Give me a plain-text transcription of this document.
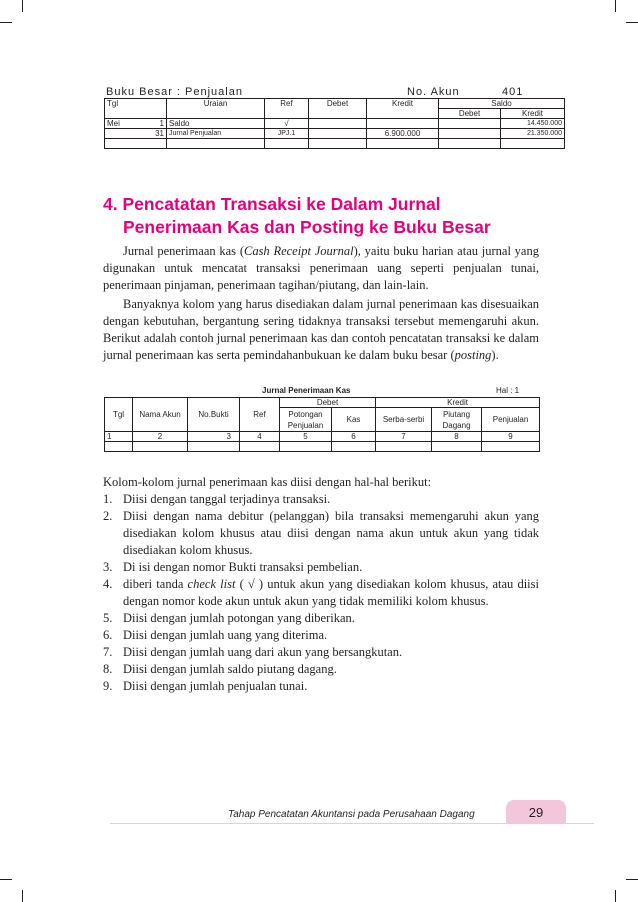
Buku Besar : Penjualan	No. Akun	401
Tgl		Uraian	Ref	Debet	Kredit	Saldo	
						Debet	Kredit
Mei	1	Saldo	√				14.450.000
	31	Jurnal Penjualan	JPJ.1		6.900.000		21.350.000

4. Pencatatan Transaksi ke Dalam Jurnal
Penerimaan Kas dan Posting ke Buku Besar

Jurnal penerimaan kas (Cash Receipt Journal), yaitu buku harian atau jurnal yang digunakan untuk mencatat transaksi penerimaan uang seperti penjualan tunai, penerimaan pinjaman, penerimaan tagihan/piutang, dan lain-lain.

Banyaknya kolom yang harus disediakan dalam jurnal penerimaan kas disesuaikan dengan kebutuhan, bergantung sering tidaknya transaksi tersebut memengaruhi akun. Berikut adalah contoh jurnal penerimaan kas dan contoh pencatatan transaksi ke dalam jurnal penerimaan kas serta pemindahanbukuan ke dalam buku besar (posting).

Jurnal Penerimaan Kas	Hal : 1
Tgl	Nama Akun	No.Bukti	Ref	Debet		Kredit		
				Potongan Penjualan	Kas	Serba-serbi	Piutang Dagang	Penjualan
1	2	3	4	5	6	7	8	9

Kolom-kolom jurnal penerimaan kas diisi dengan hal-hal berikut:

1. Diisi dengan tanggal terjadinya transaksi.
2. Diisi dengan nama debitur (pelanggan) bila transaksi memengaruhi akun yang disediakan kolom khusus atau diisi dengan nama akun untuk akun yang tidak disediakan kolom khusus.
3. Di isi dengan nomor Bukti transaksi pembelian.
4. diberi tanda check list ( √ ) untuk akun yang disediakan kolom khusus, atau diisi dengan nomor kode akun untuk akun yang tidak memiliki kolom khusus.
5. Diisi dengan jumlah potongan yang diberikan.
6. Diisi dengan jumlah uang yang diterima.
7. Diisi dengan jumlah uang dari akun yang bersangkutan.
8. Diisi dengan jumlah saldo piutang dagang.
9. Diisi dengan jumlah penjualan tunai.
Tahap Pencatatan Akuntansi pada Perusahaan Dagang	29
